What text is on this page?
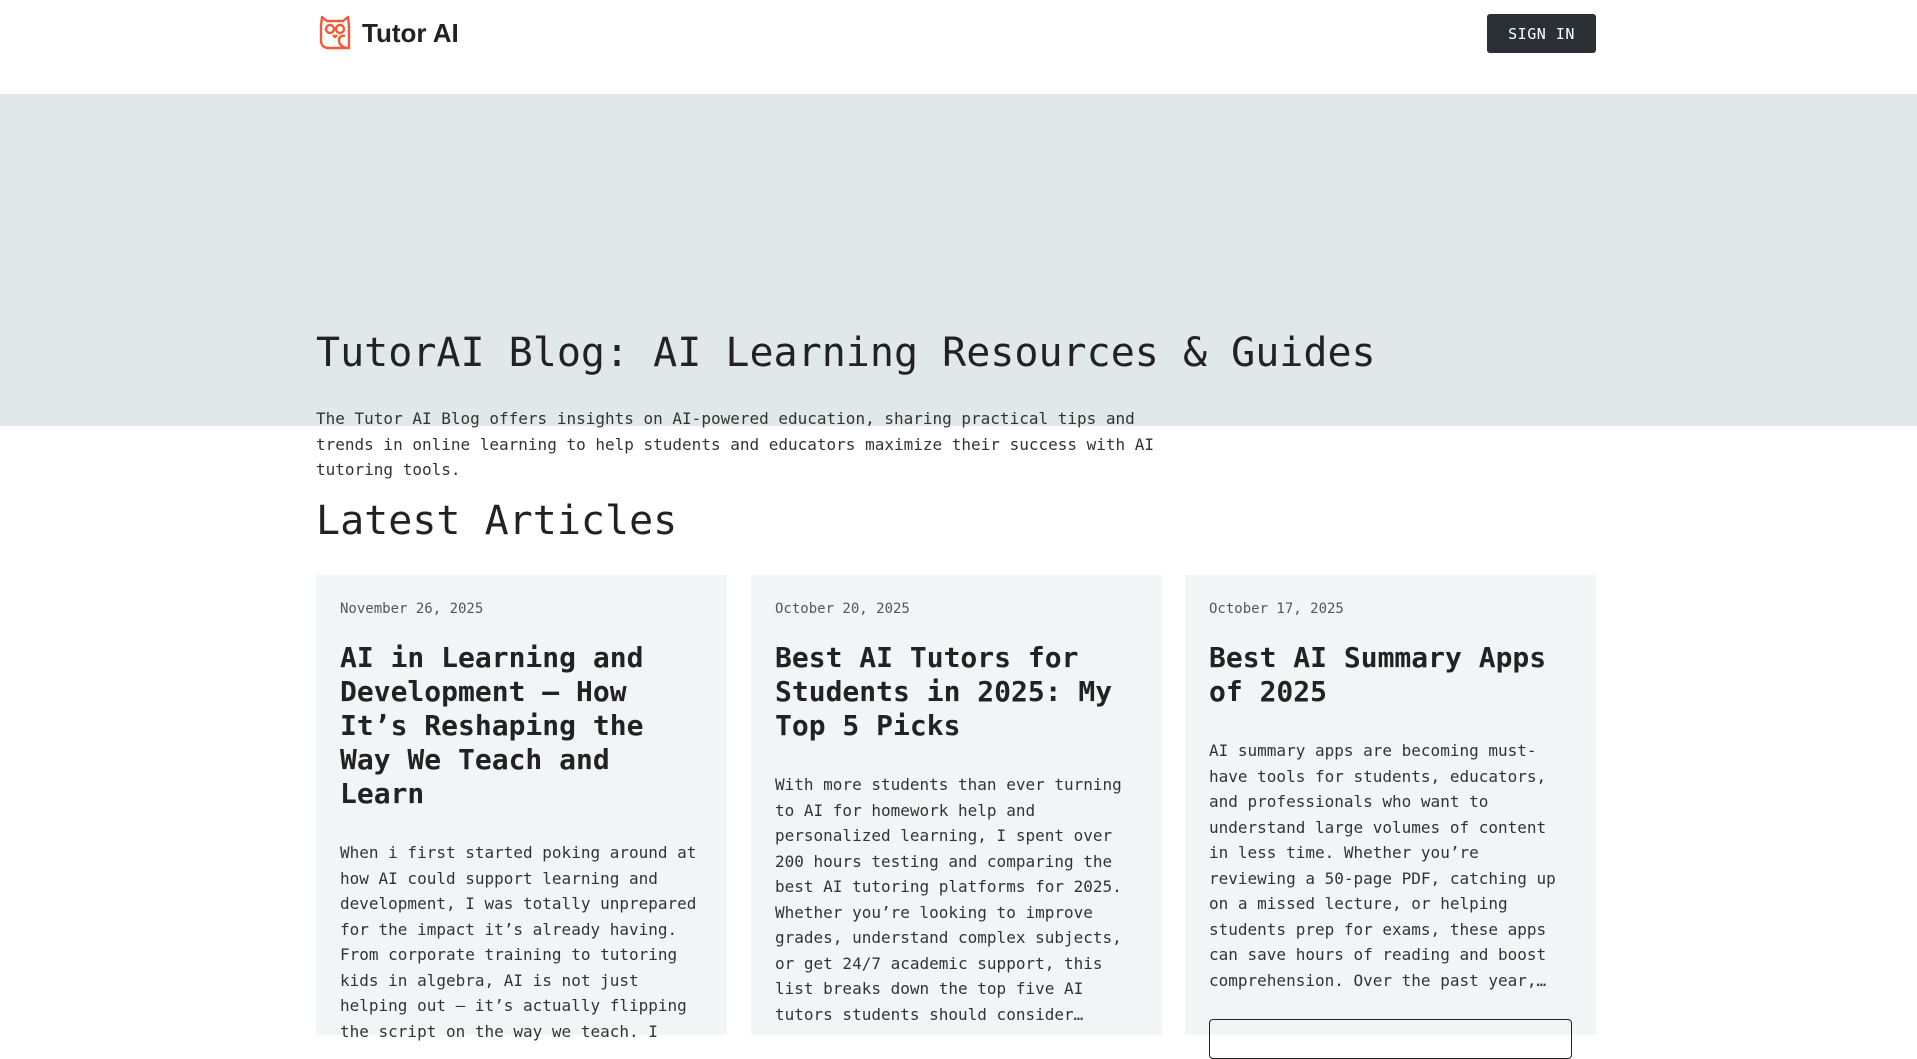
Tutor AI	SIGN IN
TutorAI Blog: AI Learning Resources & Guides

The Tutor AI Blog offers insights on AI-powered education, sharing practical tips and trends in online learning to help students and educators maximize their success with AI tutoring tools.

Latest Articles
November 26, 2025
AI in Learning and Development – How It’s Reshaping the Way We Teach and Learn
When i first started poking around at how AI could support learning and development, I was totally unprepared for the impact it’s already having. From corporate training to tutoring kids in algebra, AI is not just helping out – it’s actually flipping the script on the way we teach. I
October 20, 2025
Best AI Tutors for Students in 2025: My Top 5 Picks
With more students than ever turning to AI for homework help and personalized learning, I spent over 200 hours testing and comparing the best AI tutoring platforms for 2025. Whether you’re looking to improve grades, understand complex subjects, or get 24/7 academic support, this list breaks down the top five AI tutors students should consider…
October 17, 2025
Best AI Summary Apps of 2025
AI summary apps are becoming must-have tools for students, educators, and professionals who want to understand large volumes of content in less time. Whether you’re reviewing a 50-page PDF, catching up on a missed lecture, or helping students prep for exams, these apps can save hours of reading and boost comprehension. Over the past year,…
